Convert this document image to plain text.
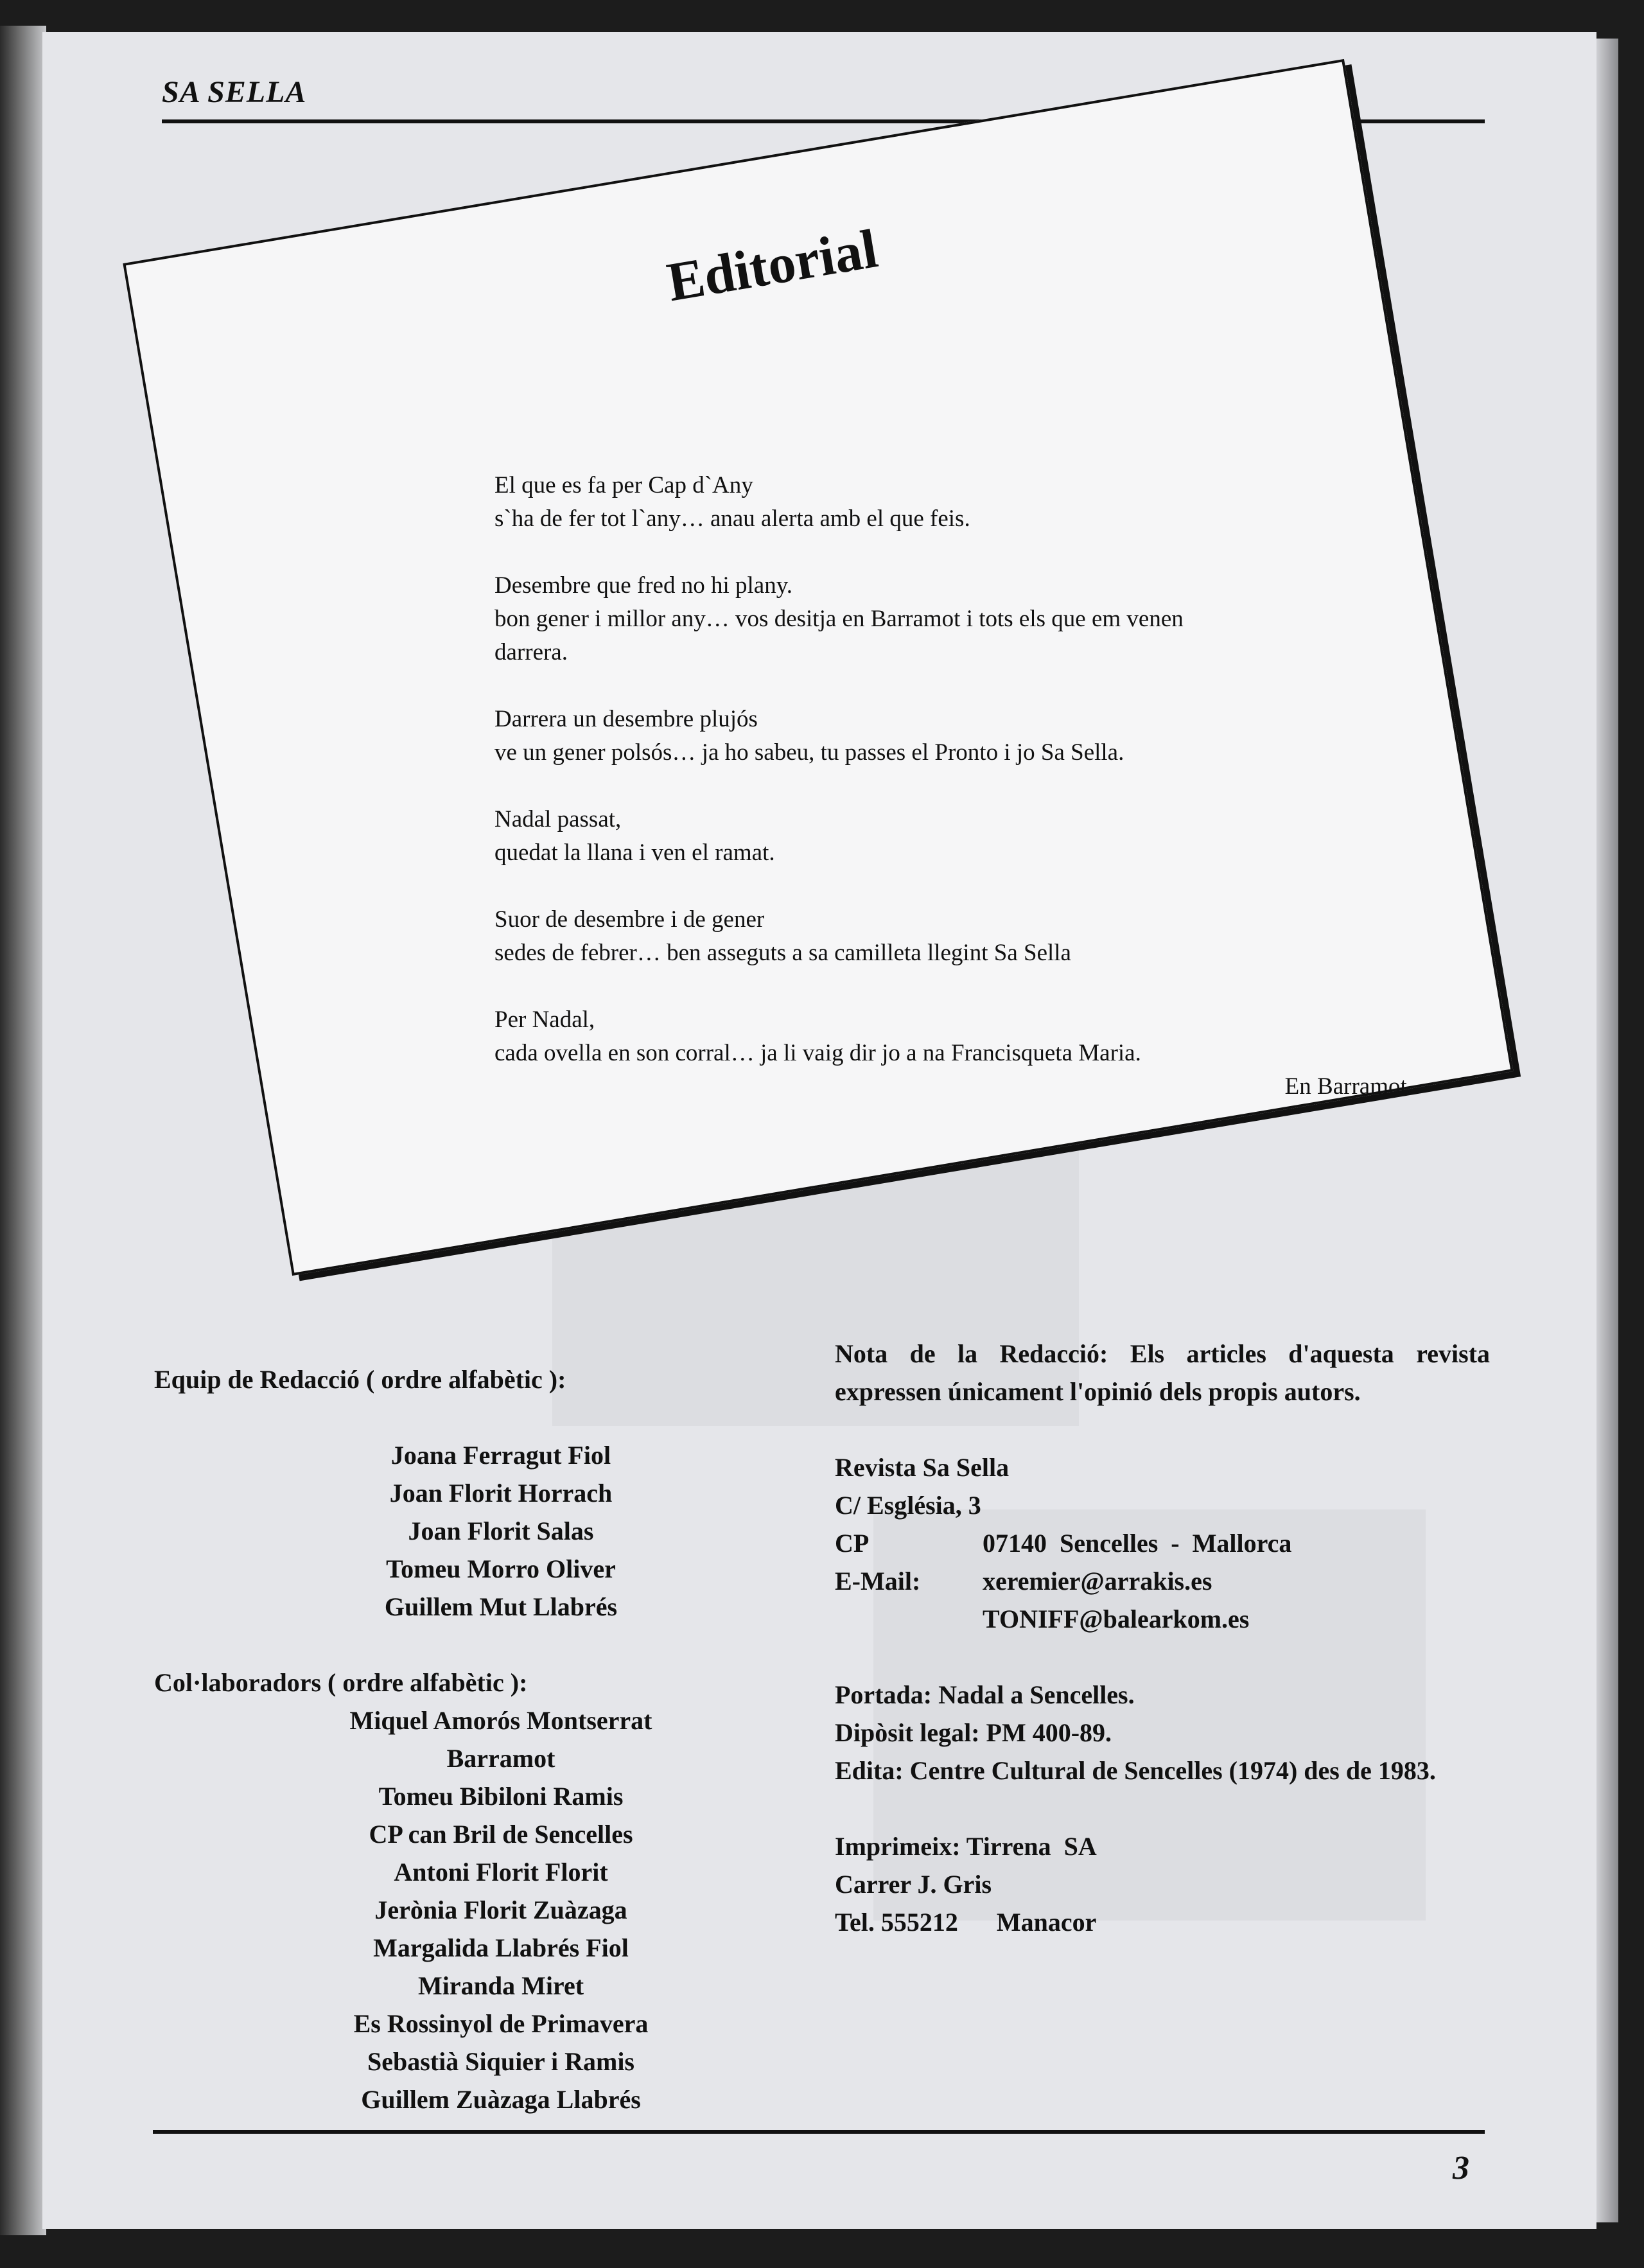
SA SELLA
Editorial
El que es fa per Cap d`Any
s`ha de fer tot l`any… anau alerta amb el que feis.
Desembre que fred no hi plany.
bon gener i millor any… vos desitja en Barramot i tots els que em venen
darrera.
Darrera un desembre plujós
ve un gener polsós… ja ho sabeu, tu passes el Pronto i jo Sa Sella.
Nadal passat,
quedat la llana i ven el ramat.
Suor de desembre i de gener
sedes de febrer… ben asseguts a sa camilleta llegint Sa Sella
Per Nadal,
cada ovella en son corral… ja li vaig dir jo a na Francisqueta Maria.
En Barramot.
Equip de Redacció ( ordre alfabètic ):
Joana Ferragut Fiol
Joan Florit Horrach
Joan Florit Salas
Tomeu Morro Oliver
Guillem Mut Llabrés
Col·laboradors ( ordre alfabètic ):
Miquel Amorós Montserrat
Barramot
Tomeu Bibiloni Ramis
CP can Bril de Sencelles
Antoni Florit Florit
Jerònia Florit Zuàzaga
Margalida Llabrés Fiol
Miranda Miret
Es Rossinyol de Primavera
Sebastià Siquier i Ramis
Guillem Zuàzaga Llabrés
Nota de la Redacció: Els articles d'aquesta revista expressen únicament l'opinió dels propis autors.
Revista Sa Sella
C/ Església, 3
CP	07140  Sencelles  -  Mallorca
E-Mail:	xeremier@arrakis.es
TONIFF@balearkom.es
Portada: Nadal a Sencelles.
Dipòsit legal: PM 400-89.
Edita: Centre Cultural de Sencelles (1974) des de 1983.
Imprimeix: Tirrena  SA
Carrer J. Gris
Tel. 555212      Manacor
3
